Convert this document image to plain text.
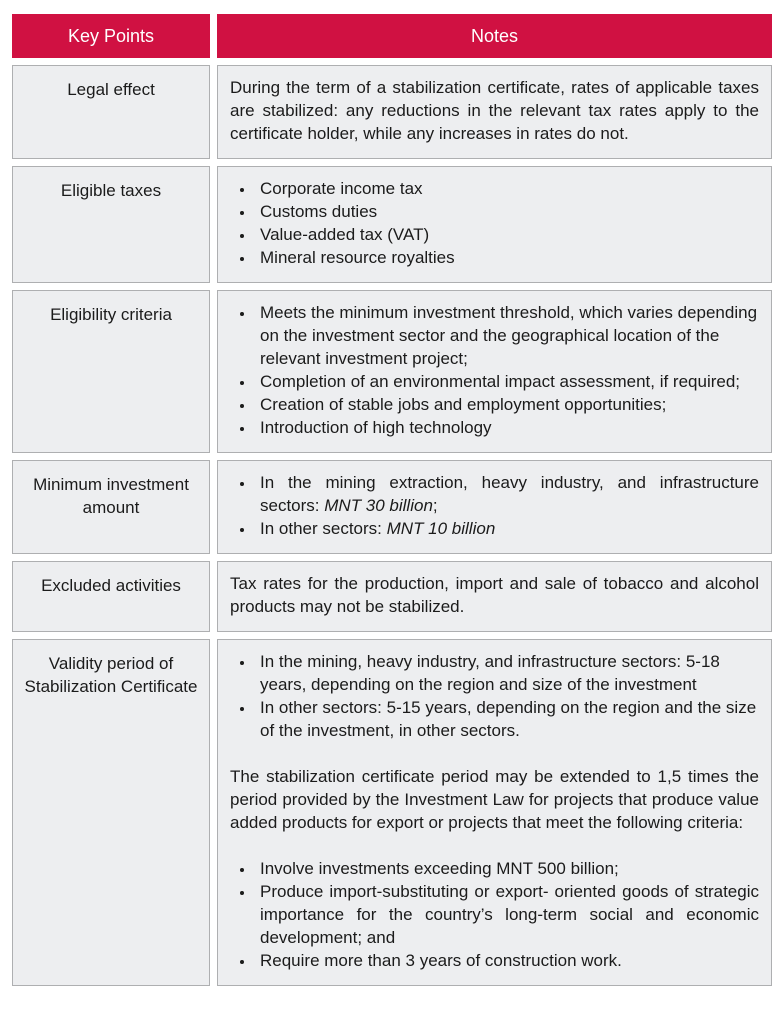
Key Points	Notes
Legal effect	During the term of a stabilization certificate, rates of applicable taxes are stabilized: any reductions in the relevant tax rates apply to the certificate holder, while any increases in rates do not.

Eligible taxes	
•Corporate income tax
• Customs duties
• Value-added tax (VAT)
• Mineral resource royalties

Eligibility criteria	
•Meets the minimum investment threshold, which varies depending on the investment sector and the geographical location of the relevant investment project;
• Completion of an environmental impact assessment, if required;
• Creation of stable jobs and employment opportunities;
• Introduction of high technology

Minimum investment amount	
• In the mining extraction, heavy industry, and infrastructure sectors: MNT 30 billion;
• In other sectors: MNT 10 billion

Excluded activities	Tax rates for the production, import and sale of tobacco and alcohol products may not be stabilized.

Validity period of Stabilization Certificate	
• In the mining, heavy industry, and infrastructure sectors: 5-18 years, depending on the region and size of the investment
• In other sectors: 5-15 years, depending on the region and the size of the investment, in other sectors.

The stabilization certificate period may be extended to 1,5 times the period provided by the Investment Law for projects that produce value added products for export or projects that meet the following criteria:

• Involve investments exceeding MNT 500 billion;
• Produce import-substituting or export- oriented goods of strategic importance for the country’s long-term social and economic development; and
• Require more than 3 years of construction work.
